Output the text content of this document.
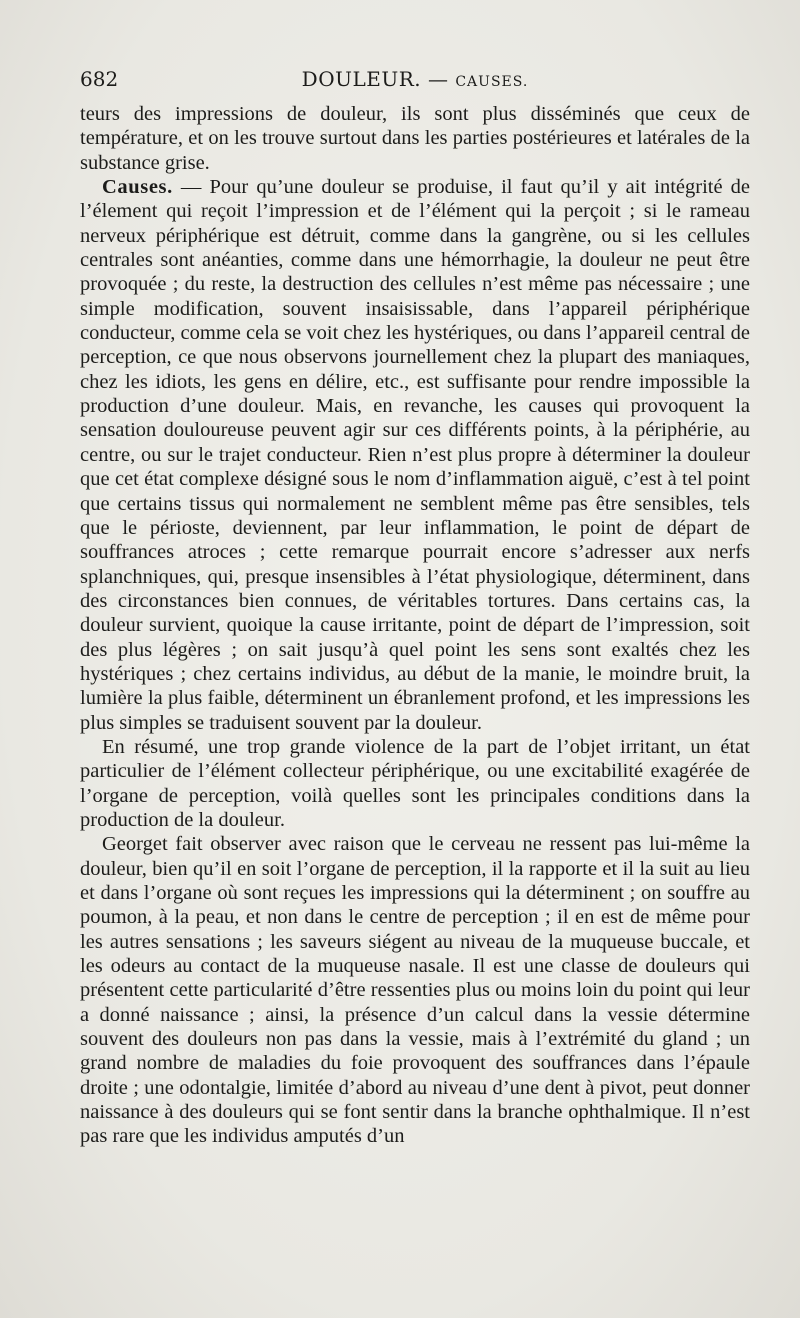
682	DOULEUR. — CAUSES.

teurs des impressions de douleur, ils sont plus disséminés que ceux de température, et on les trouve surtout dans les parties postérieures et latérales de la substance grise.

Causes. — Pour qu’une douleur se produise, il faut qu’il y ait intégrité de l’élement qui reçoit l’impression et de l’élément qui la perçoit ; si le rameau nerveux périphérique est détruit, comme dans la gangrène, ou si les cellules centrales sont anéanties, comme dans une hémorrhagie, la douleur ne peut être provoquée ; du reste, la destruction des cellules n’est même pas nécessaire ; une simple modification, souvent insaisissable, dans l’appareil périphérique conducteur, comme cela se voit chez les hystériques, ou dans l’appareil central de perception, ce que nous observons journellement chez la plupart des maniaques, chez les idiots, les gens en délire, etc., est suffisante pour rendre impossible la production d’une douleur. Mais, en revanche, les causes qui provoquent la sensation douloureuse peuvent agir sur ces différents points, à la périphérie, au centre, ou sur le trajet conducteur. Rien n’est plus propre à déterminer la douleur que cet état complexe désigné sous le nom d’inflammation aiguë, c’est à tel point que certains tissus qui normalement ne semblent même pas être sensibles, tels que le périoste, deviennent, par leur inflammation, le point de départ de souffrances atroces ; cette remarque pourrait encore s’adresser aux nerfs splanchniques, qui, presque insensibles à l’état physiologique, déterminent, dans des circonstances bien connues, de véritables tortures. Dans certains cas, la douleur survient, quoique la cause irritante, point de départ de l’impression, soit des plus légères ; on sait jusqu’à quel point les sens sont exaltés chez les hystériques ; chez certains individus, au début de la manie, le moindre bruit, la lumière la plus faible, déterminent un ébranlement profond, et les impressions les plus simples se traduisent souvent par la douleur.

En résumé, une trop grande violence de la part de l’objet irritant, un état particulier de l’élément collecteur périphérique, ou une excitabilité exagérée de l’organe de perception, voilà quelles sont les principales conditions dans la production de la douleur.

Georget fait observer avec raison que le cerveau ne ressent pas lui-même la douleur, bien qu’il en soit l’organe de perception, il la rapporte et il la suit au lieu et dans l’organe où sont reçues les impressions qui la déterminent ; on souffre au poumon, à la peau, et non dans le centre de perception ; il en est de même pour les autres sensations ; les saveurs siégent au niveau de la muqueuse buccale, et les odeurs au contact de la muqueuse nasale. Il est une classe de douleurs qui présentent cette particularité d’être ressenties plus ou moins loin du point qui leur a donné naissance ; ainsi, la présence d’un calcul dans la vessie détermine souvent des douleurs non pas dans la vessie, mais à l’extrémité du gland ; un grand nombre de maladies du foie provoquent des souffrances dans l’épaule droite ; une odontalgie, limitée d’abord au niveau d’une dent à pivot, peut donner naissance à des douleurs qui se font sentir dans la branche ophthalmique. Il n’est pas rare que les individus amputés d’un
